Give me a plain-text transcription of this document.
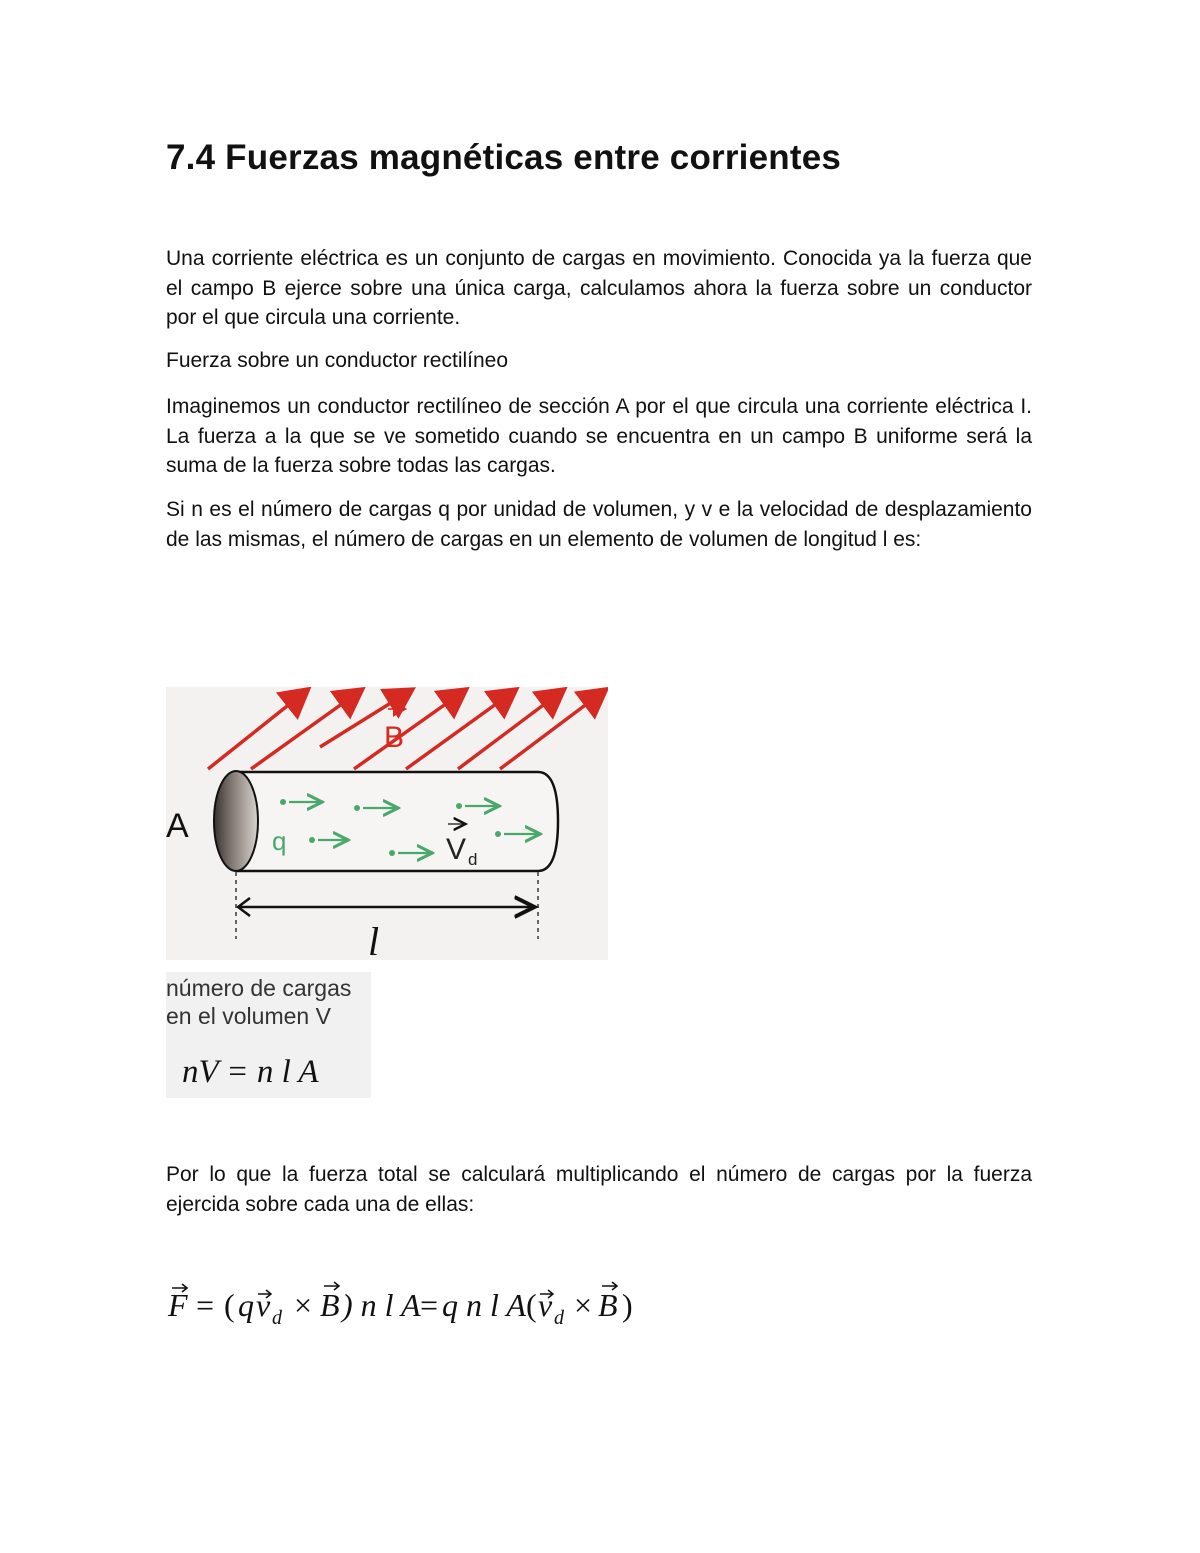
7.4 Fuerzas magnéticas entre corrientes

Una corriente eléctrica es un conjunto de cargas en movimiento. Conocida ya la fuerza que el campo B ejerce sobre una única carga, calculamos ahora la fuerza sobre un conductor por el que circula una corriente.

Fuerza sobre un conductor rectilíneo

Imaginemos un conductor rectilíneo de sección A por el que circula una corriente eléctrica I. La fuerza a la que se ve sometido cuando se encuentra en un campo B uniforme será la suma de la fuerza sobre todas las cargas.

Si n es el número de cargas q por unidad de volumen, y v e la velocidad de desplazamiento de las mismas, el número de cargas en un elemento de volumen de longitud l es:

B
A	q	V d
l

número de cargas
en el volumen V

nV = n l A

Por lo que la fuerza total se calculará multiplicando el número de cargas por la fuerza ejercida sobre cada una de ellas:

F = ( q v d × B ) n l A = q n l A ( v d × B )
